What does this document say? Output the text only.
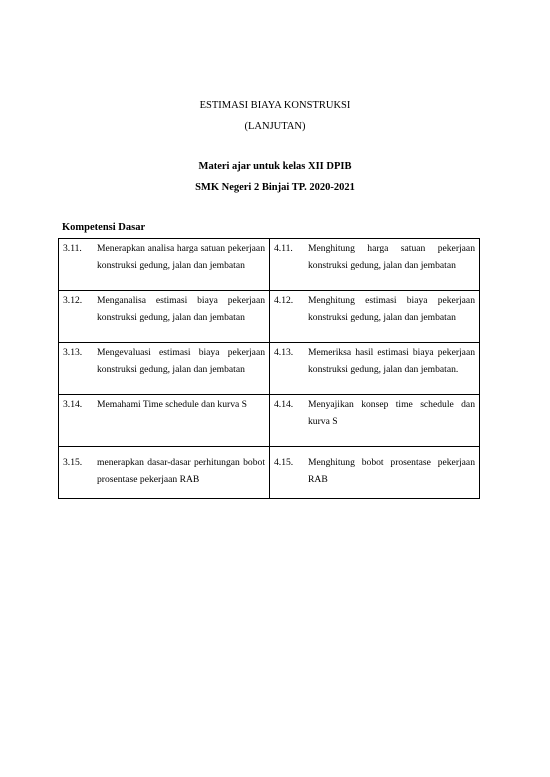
ESTIMASI BIAYA KONSTRUKSI
(LANJUTAN)
Materi ajar untuk kelas XII DPIB
SMK Negeri 2 Binjai TP. 2020-2021
Kompetensi Dasar
3.11. Menerapkan analisa harga satuan pekerjaan konstruksi gedung, jalan dan jembatan	4.11. Menghitung harga satuan pekerjaan konstruksi gedung, jalan dan jembatan

3.12. Menganalisa estimasi biaya pekerjaan konstruksi gedung, jalan dan jembatan	4.12. Menghitung estimasi biaya pekerjaan konstruksi gedung, jalan dan jembatan

3.13. Mengevaluasi estimasi biaya pekerjaan konstruksi gedung, jalan dan jembatan	4.13. Memeriksa hasil estimasi biaya pekerjaan konstruksi gedung, jalan dan jembatan.

3.14. Memahami Time schedule dan kurva S	4.14. Menyajikan konsep time schedule dan kurva S

3.15. menerapkan dasar-dasar perhitungan bobot prosentase pekerjaan RAB	4.15. Menghitung bobot prosentase pekerjaan RAB
